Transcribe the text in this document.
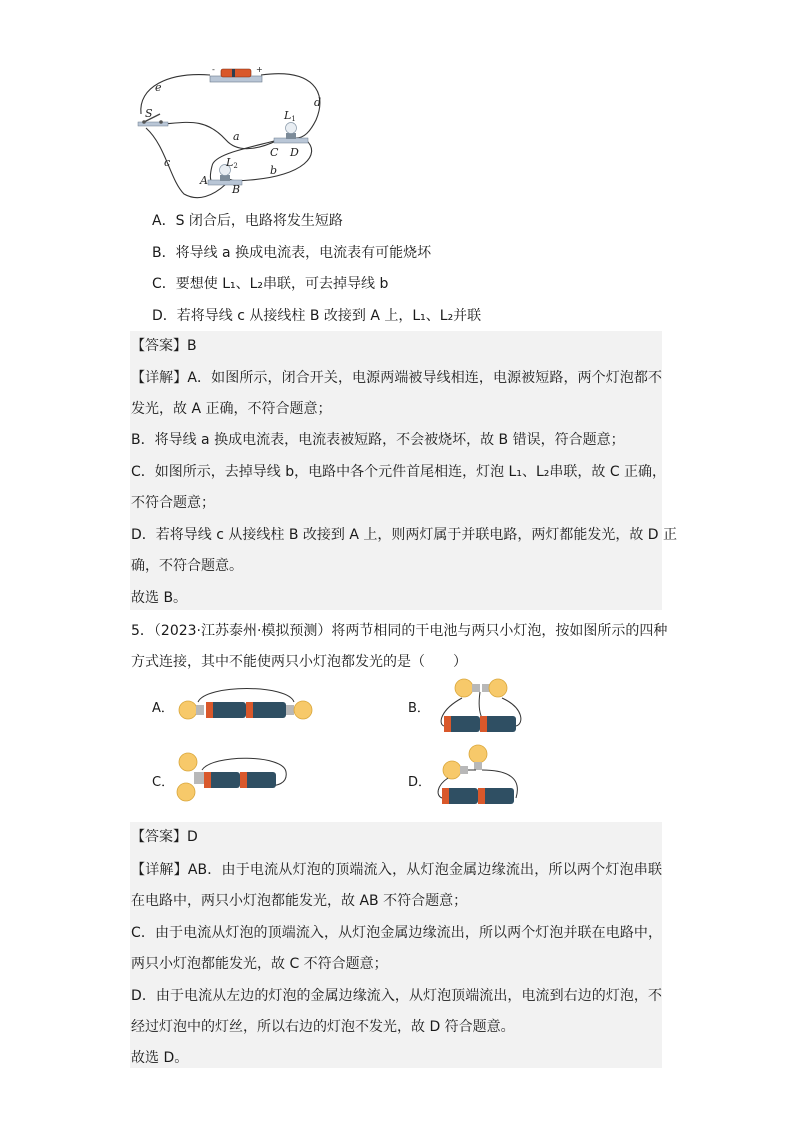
-	+
e
d
S	L1
a
C D
L2
c
b
A
B
A．S 闭合后，电路将发生短路
B．将导线 a 换成电流表，电流表有可能烧坏
C．要想使 L₁、L₂串联，可去掉导线 b
D．若将导线 c 从接线柱 B 改接到 A 上，L₁、L₂并联
【答案】B
【详解】A．如图所示，闭合开关，电源两端被导线相连，电源被短路，两个灯泡都不
发光，故 A 正确，不符合题意；
B．将导线 a 换成电流表，电流表被短路，不会被烧坏，故 B 错误，符合题意；
C．如图所示，去掉导线 b，电路中各个元件首尾相连，灯泡 L₁、L₂串联，故 C 正确，
不符合题意；
D．若将导线 c 从接线柱 B 改接到 A 上，则两灯属于并联电路，两灯都能发光，故 D 正
确，不符合题意。
故选 B。
5．（2023·江苏泰州·模拟预测）将两节相同的干电池与两只小灯泡，按如图所示的四种
方式连接，其中不能使两只小灯泡都发光的是（　　）
A．	B．
C．	D．
【答案】D
【详解】AB．由于电流从灯泡的顶端流入，从灯泡金属边缘流出，所以两个灯泡串联
在电路中，两只小灯泡都能发光，故 AB 不符合题意；
C．由于电流从灯泡的顶端流入，从灯泡金属边缘流出，所以两个灯泡并联在电路中，
两只小灯泡都能发光，故 C 不符合题意；
D．由于电流从左边的灯泡的金属边缘流入，从灯泡顶端流出，电流到右边的灯泡，不
经过灯泡中的灯丝，所以右边的灯泡不发光，故 D 符合题意。
故选 D。
